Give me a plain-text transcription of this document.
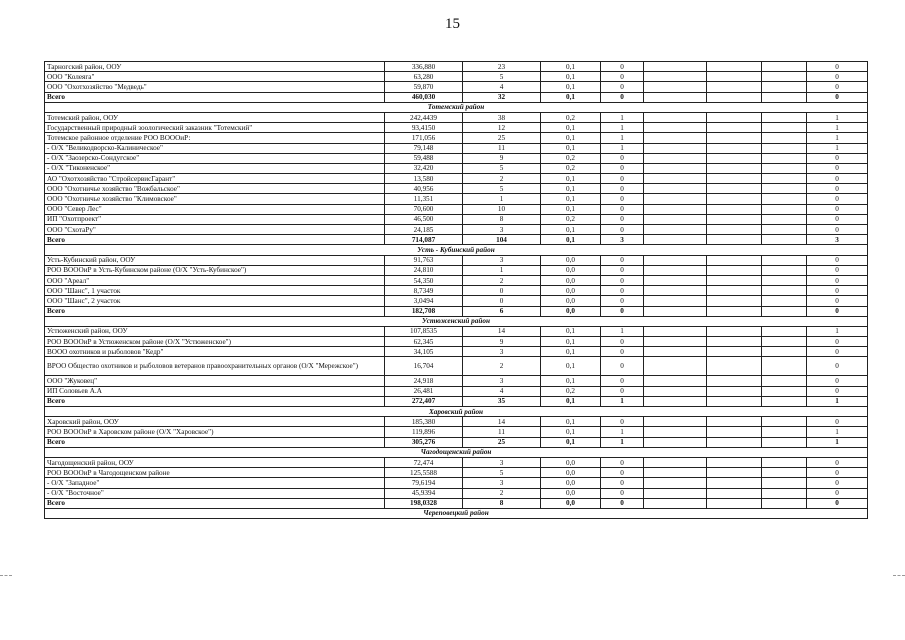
15
Тарногский район, ООУ	336,880	23	0,1	0				0
ООО "Колеяга"	63,280	5	0,1	0				0
ООО "Охотхозяйство "Медведь"	59,870	4	0,1	0				0
Всего	460,030	32	0,1	0				0
Тотемский район								
Тотемский район, ООУ	242,4439	38	0,2	1				1
Государственный природный зоологический заказник "Тотемский"	93,4150	12	0,1	1				1
Тотемское районное отделение РОО ВОООиР:	171,056	25	0,1	1				1
- О/Х "Великодворско-Калиническое"	79,148	11	0,1	1				1
- О/Х "Заозерско-Сондугское"	59,488	9	0,2	0				0
- О/Х "Тиконенское"	32,420	5	0,2	0				0
АО "Охотхозяйство "СтройсервисГарант"	13,580	2	0,1	0				0
ООО "Охотничье хозяйство "Вожбальское"	40,956	5	0,1	0				0
ООО "Охотничье хозяйство "Климовское"	11,351	1	0,1	0				0
ООО "Север Лес"	70,600	10	0,1	0				0
ИП "Охотпроект"	46,500	8	0,2	0				0
ООО "СхотаРу"	24,185	3	0,1	0				0
Всего	714,087	104	0,1	3				3
Усть - Кубинский район								
Усть-Кубинский район, ООУ	91,763	3	0,0	0				0
РОО ВОООиР в Усть-Кубинском районе (О/Х "Усть-Кубинское")	24,810	1	0,0	0				0
ООО "Ареал"	54,350	2	0,0	0				0
ООО "Шанс", 1 участок	8,7349	0	0,0	0				0
ООО "Шанс", 2 участок	3,0494	0	0,0	0				0
Всего	182,708	6	0,0	0				0
Устюженский район								
Устюженский район, ООУ	107,8535	14	0,1	1				1
РОО ВОООиР в Устюженском районе (О/Х "Устюженское")	62,345	9	0,1	0				0
ВООО охотников и рыболовов "Кедр"	34,105	3	0,1	0				0
ВРОО Общество охотников и рыболовов ветеранов правоохранительных органов (О/Х "Мережское")	16,704	2	0,1	0				0
ООО "Жуковец"	24,918	3	0,1	0				0
ИП Соловьев А.А	26,481	4	0,2	0				0
Всего	272,407	35	0,1	1				1
Харовский район								
Харовский район, ООУ	185,380	14	0,1	0				0
РОО ВОООиР в Харовском районе (О/Х "Харовское")	119,896	11	0,1	1				1
Всего	305,276	25	0,1	1				1
Чагодощенский район								
Чагодощенский район, ООУ	72,474	3	0,0	0				0
РОО ВОООиР в Чагодощенском районе	125,5588	5	0,0	0				0
- О/Х "Западное"	79,6194	3	0,0	0				0
- О/Х "Восточное"	45,9394	2	0,0	0				0
Всего	198,0328	8	0,0	0				0
Череповецкий район								
